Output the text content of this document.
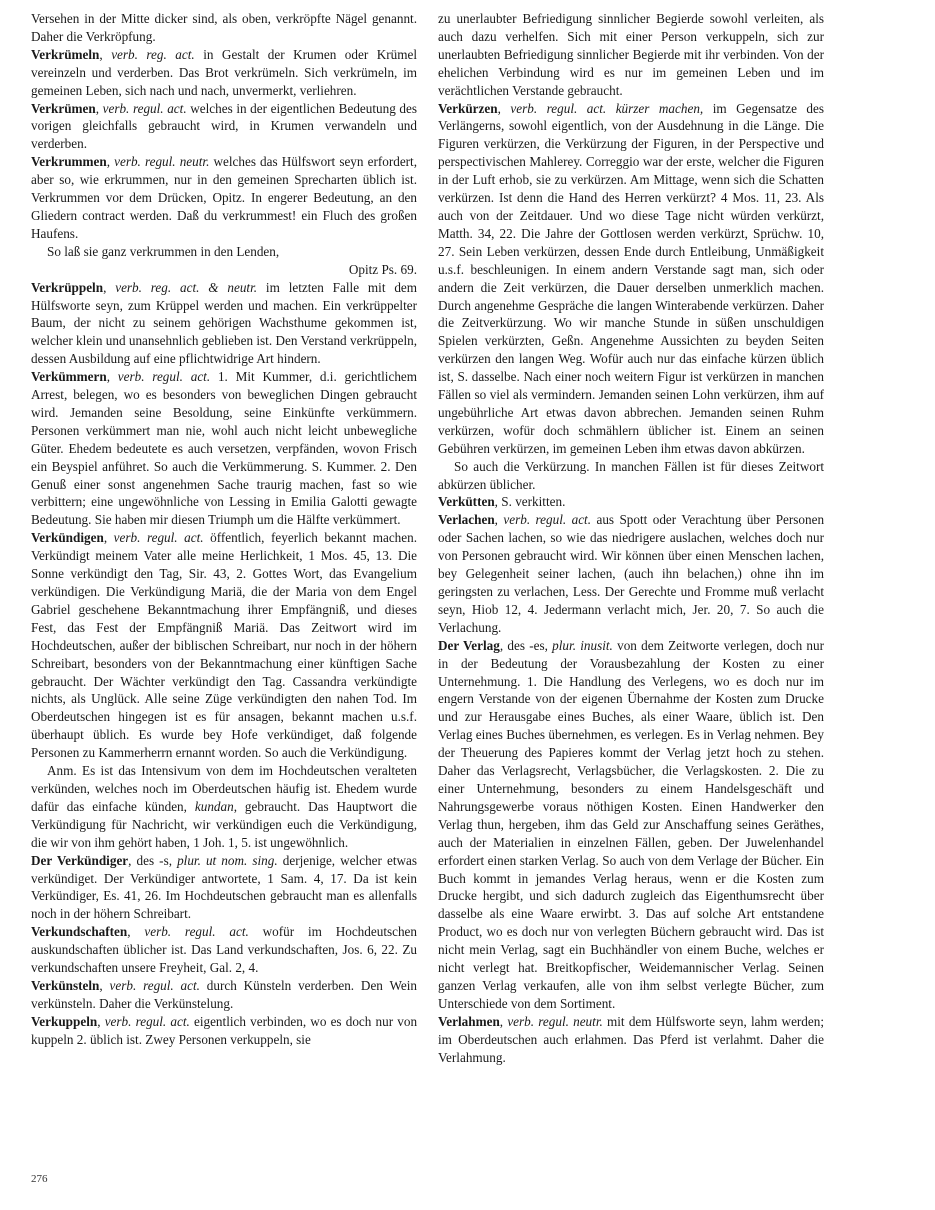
Versehen in der Mitte dicker sind, als oben, verkröpfte Nägel genannt. Daher die Verkröpfung.

Verkrümeln, verb. reg. act. in Gestalt der Krumen oder Krümel vereinzeln und verderben. Das Brot verkrümeln. Sich verkrümeln, im gemeinen Leben, sich nach und nach, unvermerkt, verliehren.

Verkrümen, verb. regul. act. welches in der eigentlichen Bedeutung des vorigen gleichfalls gebraucht wird, in Krumen verwandeln und verderben.

Verkrummen, verb. regul. neutr. welches das Hülfswort seyn erfordert, aber so, wie erkrummen, nur in den gemeinen Sprecharten üblich ist. Verkrummen vor dem Drücken, Opitz. In engerer Bedeutung, an den Gliedern contract werden. Daß du verkrummest! ein Fluch des großen Haufens.

So laß sie ganz verkrummen in den Lenden,

Opitz Ps. 69.

Verkrüppeln, verb. reg. act. & neutr. im letzten Falle mit dem Hülfsworte seyn, zum Krüppel werden und machen. Ein verkrüppelter Baum, der nicht zu seinem gehörigen Wachsthume gekommen ist, welcher klein und unansehnlich geblieben ist. Den Verstand verkrüppeln, dessen Ausbildung auf eine pflichtwidrige Art hindern.

Verkümmern, verb. regul. act. 1. Mit Kummer, d.i. gerichtlichem Arrest, belegen, wo es besonders von beweglichen Dingen gebraucht wird. Jemanden seine Besoldung, seine Einkünfte verkümmern. Personen verkümmert man nie, wohl auch nicht leicht unbewegliche Güter. Ehedem bedeutete es auch versetzen, verpfänden, wovon Frisch ein Beyspiel anführet. So auch die Verkümmerung. S. Kummer. 2. Den Genuß einer sonst angenehmen Sache traurig machen, fast so wie verbittern; eine ungewöhnliche von Lessing in Emilia Galotti gewagte Bedeutung. Sie haben mir diesen Triumph um die Hälfte verkümmert.

Verkündigen, verb. regul. act. öffentlich, feyerlich bekannt machen. Verkündigt meinem Vater alle meine Herlichkeit, 1 Mos. 45, 13. Die Sonne verkündigt den Tag, Sir. 43, 2. Gottes Wort, das Evangelium verkündigen. Die Verkündigung Mariä, die der Maria von dem Engel Gabriel geschehene Bekanntmachung ihrer Empfängniß, und dieses Fest, das Fest der Empfängniß Mariä. Das Zeitwort wird im Hochdeutschen, außer der biblischen Schreibart, nur noch in der höhern Schreibart, besonders von der Bekanntmachung einer künftigen Sache gebraucht. Der Wächter verkündigt den Tag. Cassandra verkündigte nichts, als Unglück. Alle seine Züge verkündigten den nahen Tod. Im Oberdeutschen hingegen ist es für ansagen, bekannt machen u.s.f. überhaupt üblich. Es wurde bey Hofe verkündiget, daß folgende Personen zu Kammerherrn ernannt worden. So auch die Verkündigung.

Anm. Es ist das Intensivum von dem im Hochdeutschen veralteten verkünden, welches noch im Oberdeutschen häufig ist. Ehedem wurde dafür das einfache künden, kundan, gebraucht. Das Hauptwort die Verkündigung für Nachricht, wir verkündigen euch die Verkündigung, die wir von ihm gehört haben, 1 Joh. 1, 5. ist ungewöhnlich.

Der Verkündiger, des -s, plur. ut nom. sing. derjenige, welcher etwas verkündiget. Der Verkündiger antwortete, 1 Sam. 4, 17. Da ist kein Verkündiger, Es. 41, 26. Im Hochdeutschen gebraucht man es allenfalls noch in der höhern Schreibart.

Verkundschaften, verb. regul. act. wofür im Hochdeutschen auskundschaften üblicher ist. Das Land verkundschaften, Jos. 6, 22. Zu verkundschaften unsere Freyheit, Gal. 2, 4.

Verkünsteln, verb. regul. act. durch Künsteln verderben. Den Wein verkünsteln. Daher die Verkünstelung.

Verkuppeln, verb. regul. act. eigentlich verbinden, wo es doch nur von kuppeln 2. üblich ist. Zwey Personen verkuppeln, sie

zu unerlaubter Befriedigung sinnlicher Begierde sowohl verleiten, als auch dazu verhelfen. Sich mit einer Person verkuppeln, sich zur unerlaubten Befriedigung sinnlicher Begierde mit ihr verbinden. Von der ehelichen Verbindung wird es nur im gemeinen Leben und im verächtlichen Verstande gebraucht.

Verkürzen, verb. regul. act. kürzer machen, im Gegensatze des Verlängerns, sowohl eigentlich, von der Ausdehnung in die Länge. Die Figuren verkürzen, die Verkürzung der Figuren, in der Perspective und perspectivischen Mahlerey. Correggio war der erste, welcher die Figuren in der Luft erhob, sie zu verkürzen. Am Mittage, wenn sich die Schatten verkürzen. Ist denn die Hand des Herren verkürzt? 4 Mos. 11, 23. Als auch von der Zeitdauer. Und wo diese Tage nicht würden verkürzt, Matth. 34, 22. Die Jahre der Gottlosen werden verkürzt, Sprüchw. 10, 27. Sein Leben verkürzen, dessen Ende durch Entleibung, Unmäßigkeit u.s.f. beschleunigen. In einem andern Verstande sagt man, sich oder andern die Zeit verkürzen, die Dauer derselben unmerklich machen. Durch angenehme Gespräche die langen Winterabende verkürzen. Daher die Zeitverkürzung. Wo wir manche Stunde in süßen unschuldigen Spielen verkürzten, Geßn. Angenehme Aussichten zu beyden Seiten verkürzen den langen Weg. Wofür auch nur das einfache kürzen üblich ist, S. dasselbe. Nach einer noch weitern Figur ist verkürzen in manchen Fällen so viel als vermindern. Jemanden seinen Lohn verkürzen, ihm auf ungebührliche Art etwas davon abbrechen. Jemanden seinen Ruhm verkürzen, wofür doch schmählern üblicher ist. Einem an seinen Gebühren verkürzen, im gemeinen Leben ihm etwas davon abkürzen.

So auch die Verkürzung. In manchen Fällen ist für dieses Zeitwort abkürzen üblicher.

Verkütten, S. verkitten.

Verlachen, verb. regul. act. aus Spott oder Verachtung über Personen oder Sachen lachen, so wie das niedrigere auslachen, welches doch nur von Personen gebraucht wird. Wir können über einen Menschen lachen, bey Gelegenheit seiner lachen, (auch ihn belachen,) ohne ihn im geringsten zu verlachen, Less. Der Gerechte und Fromme muß verlacht seyn, Hiob 12, 4. Jedermann verlacht mich, Jer. 20, 7. So auch die Verlachung.

Der Verlag, des -es, plur. inusit. von dem Zeitworte verlegen, doch nur in der Bedeutung der Vorausbezahlung der Kosten zu einer Unternehmung. 1. Die Handlung des Verlegens, wo es doch nur im engern Verstande von der eigenen Übernahme der Kosten zum Drucke und zur Herausgabe eines Buches, als einer Waare, üblich ist. Den Verlag eines Buches übernehmen, es verlegen. Es in Verlag nehmen. Bey der Theuerung des Papieres kommt der Verlag jetzt hoch zu stehen. Daher das Verlagsrecht, Verlagsbücher, die Verlagskosten. 2. Die zu einer Unternehmung, besonders zu einem Handelsgeschäft und Nahrungsgewerbe voraus nöthigen Kosten. Einen Handwerker den Verlag thun, hergeben, ihm das Geld zur Anschaffung seines Geräthes, auch der Materialien in einzelnen Fällen, geben. Der Juwelenhandel erfordert einen starken Verlag. So auch von dem Verlage der Bücher. Ein Buch kommt in jemandes Verlag heraus, wenn er die Kosten zum Drucke hergibt, und sich dadurch zugleich das Eigenthumsrecht über dasselbe als eine Waare erwirbt. 3. Das auf solche Art entstandene Product, wo es doch nur von verlegten Büchern gebraucht wird. Das ist nicht mein Verlag, sagt ein Buchhändler von einem Buche, welches er nicht verlegt hat. Breitkopfischer, Weidemannischer Verlag. Seinen ganzen Verlag verkaufen, alle von ihm selbst verlegte Bücher, zum Unterschiede von dem Sortiment.

Verlahmen, verb. regul. neutr. mit dem Hülfsworte seyn, lahm werden; im Oberdeutschen auch erlahmen. Das Pferd ist verlahmt. Daher die Verlahmung.

276
